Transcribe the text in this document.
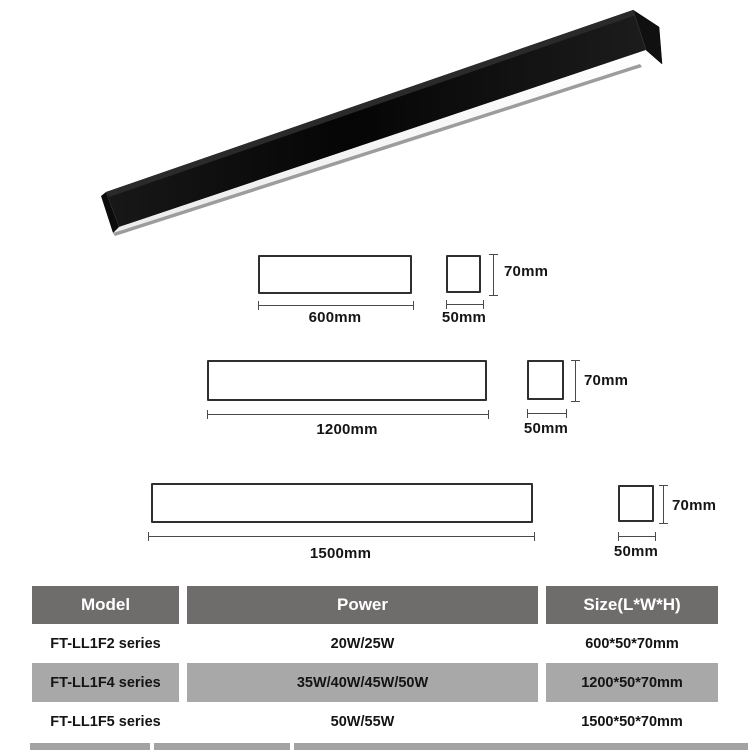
600mm	50mm
70mm
1200mm	50mm
70mm
1500mm	50mm
70mm
Model	Power	Size(L*W*H)
FT-LL1F2 series	20W/25W	600*50*70mm
FT-LL1F4 series	35W/40W/45W/50W	1200*50*70mm
FT-LL1F5 series	50W/55W	1500*50*70mm
